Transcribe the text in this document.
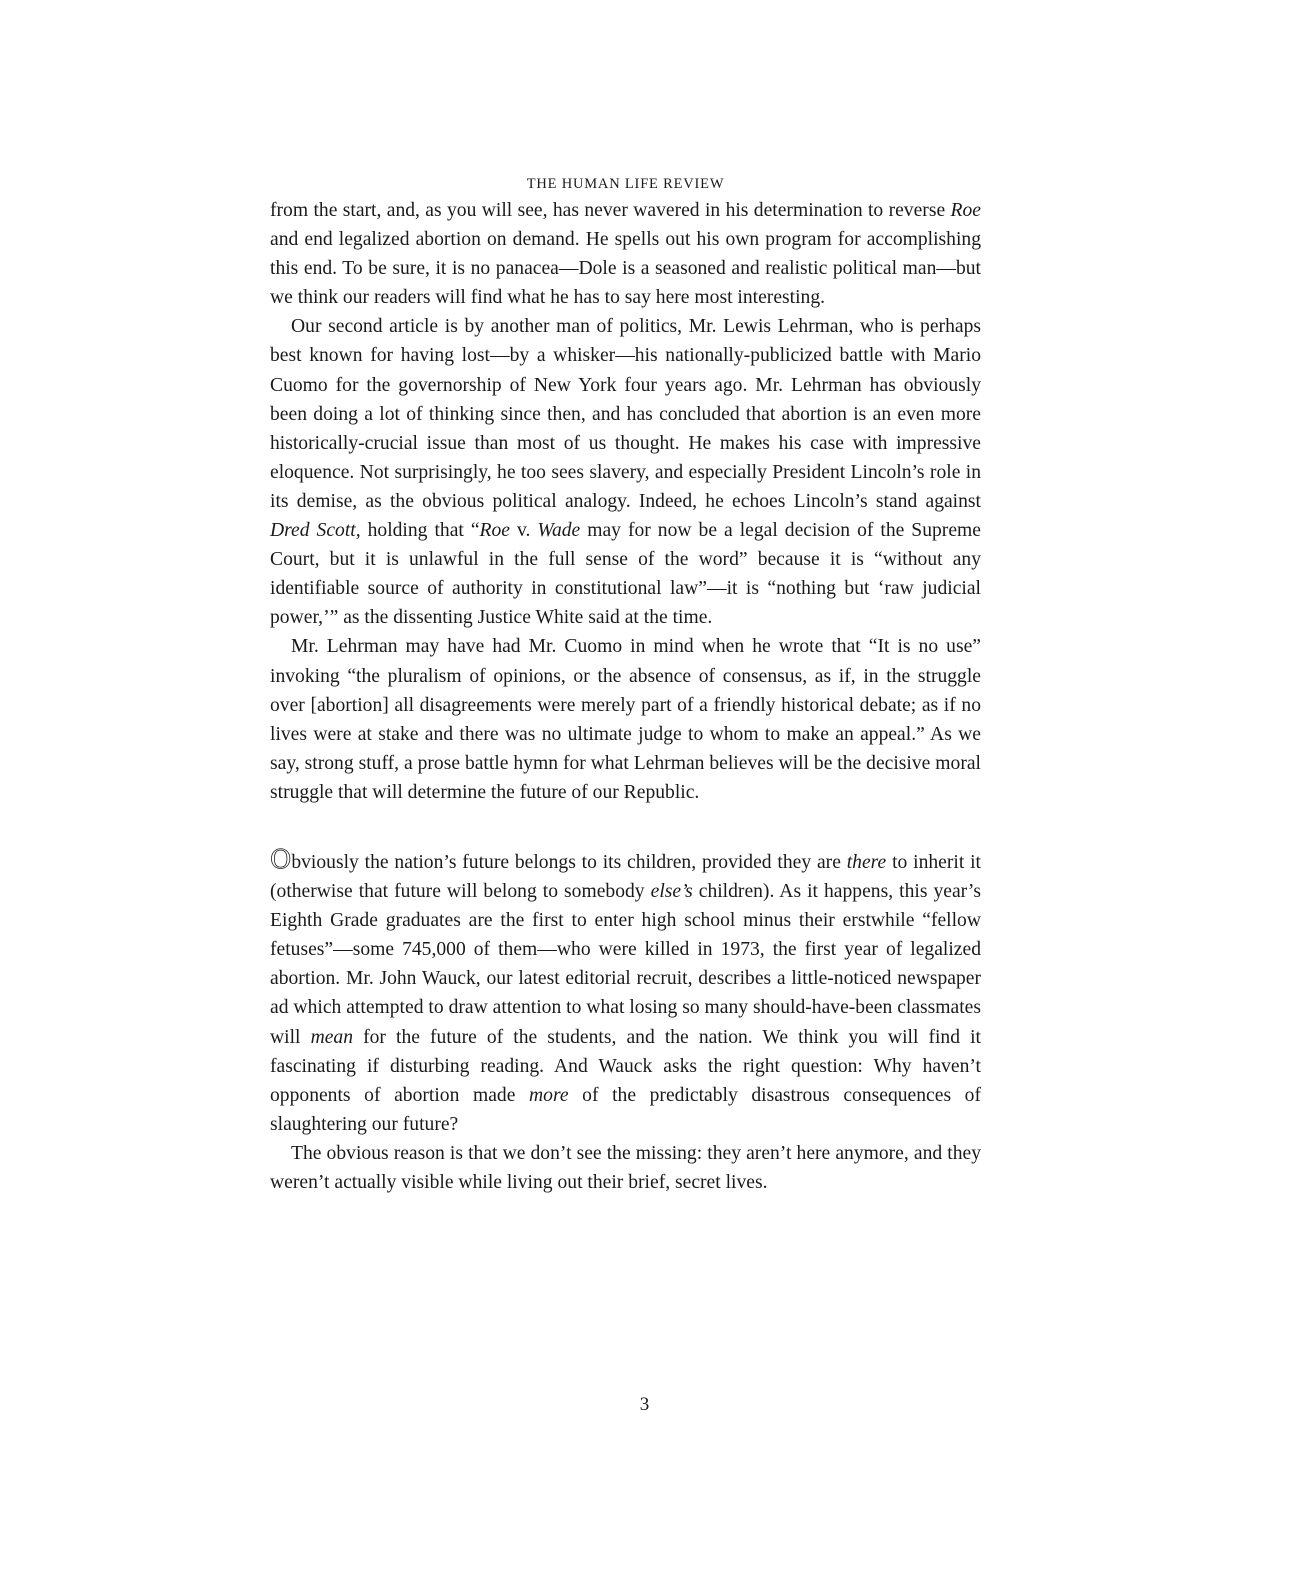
THE HUMAN LIFE REVIEW

from the start, and, as you will see, has never wavered in his determination to reverse Roe and end legalized abortion on demand. He spells out his own program for accomplishing this end. To be sure, it is no panacea—Dole is a seasoned and realistic political man—but we think our readers will find what he has to say here most interesting.

Our second article is by another man of politics, Mr. Lewis Lehrman, who is perhaps best known for having lost—by a whisker—his nationally-publicized battle with Mario Cuomo for the governorship of New York four years ago. Mr. Lehrman has obviously been doing a lot of thinking since then, and has concluded that abortion is an even more historically-crucial issue than most of us thought. He makes his case with impressive eloquence. Not surprisingly, he too sees slavery, and especially President Lincoln’s role in its demise, as the obvious political analogy. Indeed, he echoes Lincoln’s stand against Dred Scott, holding that “Roe v. Wade may for now be a legal decision of the Supreme Court, but it is unlawful in the full sense of the word” because it is “without any identifiable source of authority in constitutional law”—it is “nothing but ‘raw judicial power,’” as the dissenting Justice White said at the time.

Mr. Lehrman may have had Mr. Cuomo in mind when he wrote that “It is no use” invoking “the pluralism of opinions, or the absence of consensus, as if, in the struggle over [abortion] all disagreements were merely part of a friendly historical debate; as if no lives were at stake and there was no ultimate judge to whom to make an appeal.” As we say, strong stuff, a prose battle hymn for what Lehrman believes will be the decisive moral struggle that will determine the future of our Republic.

Obviously the nation’s future belongs to its children, provided they are there to inherit it (otherwise that future will belong to somebody else’s children). As it happens, this year’s Eighth Grade graduates are the first to enter high school minus their erstwhile “fellow fetuses”—some 745,000 of them—who were killed in 1973, the first year of legalized abortion. Mr. John Wauck, our latest editorial recruit, describes a little-noticed newspaper ad which attempted to draw attention to what losing so many should-have-been classmates will mean for the future of the students, and the nation. We think you will find it fascinating if disturbing reading. And Wauck asks the right question: Why haven’t opponents of abortion made more of the predictably disastrous consequences of slaughtering our future?

The obvious reason is that we don’t see the missing: they aren’t here anymore, and they weren’t actually visible while living out their brief, secret lives.

3
